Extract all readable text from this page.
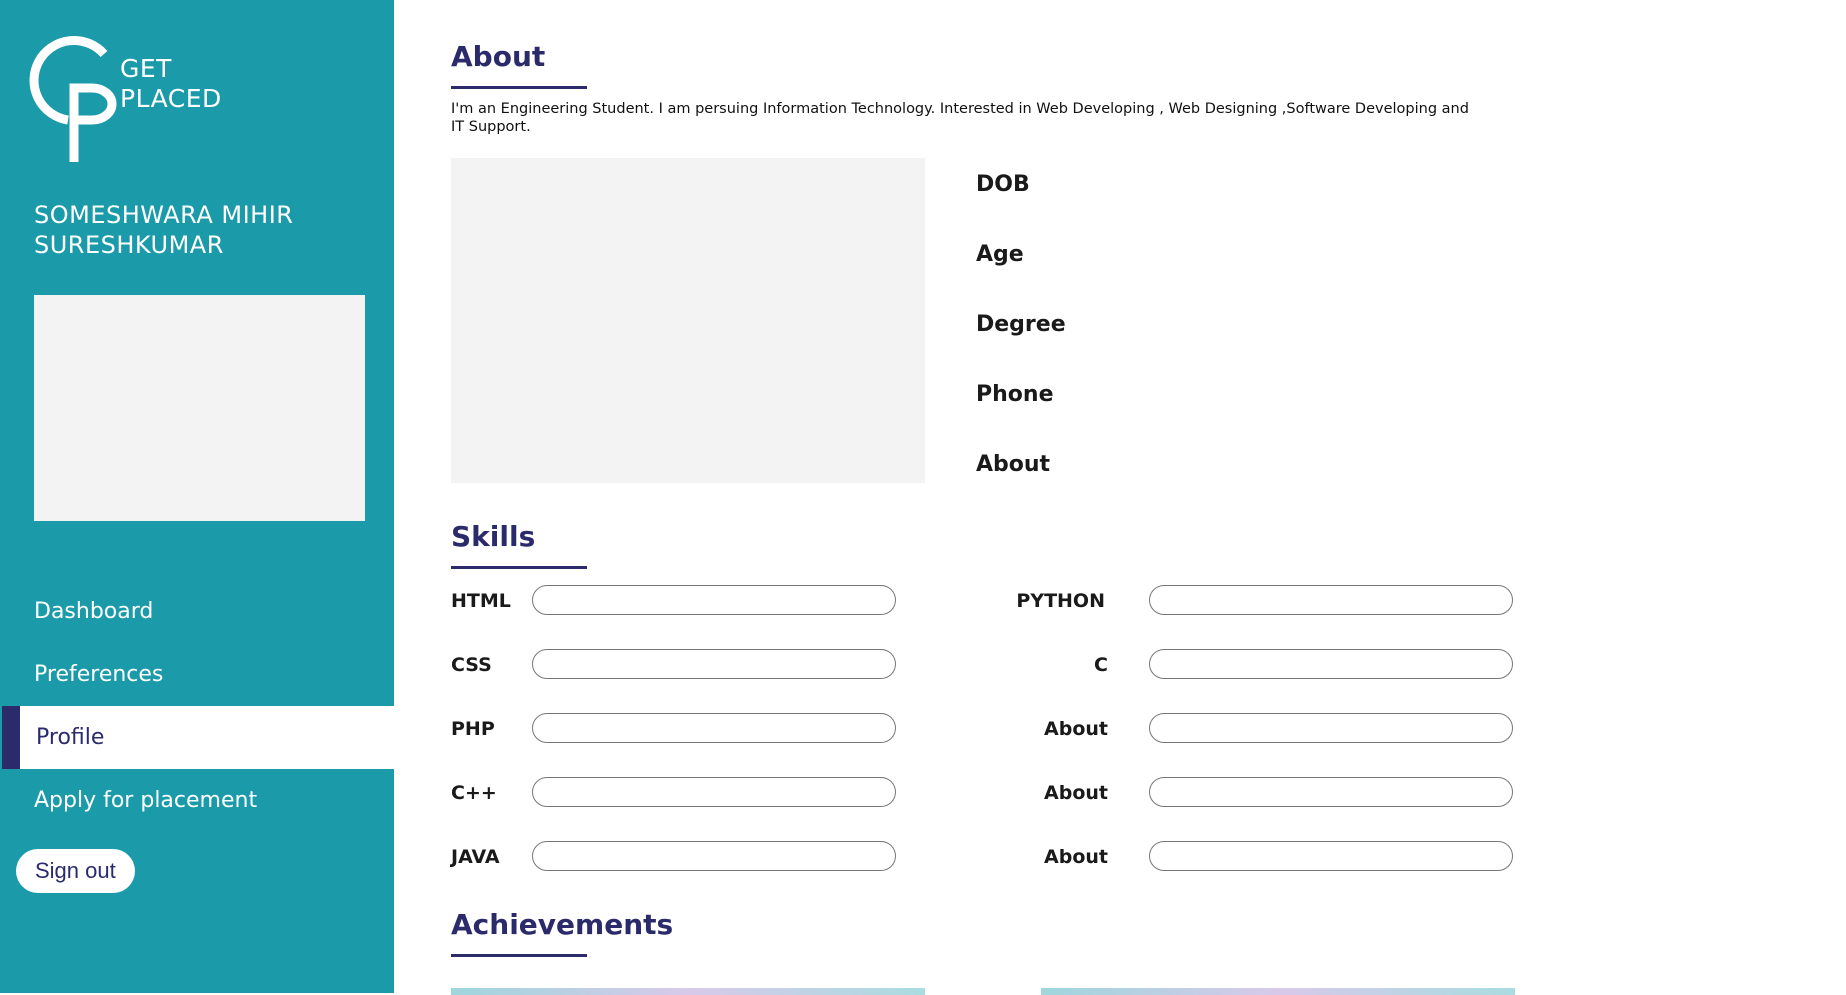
GET
PLACED
SOMESHWARA MIHIR SURESHKUMAR
Dashboard
Preferences
Profile
Apply for placement
Sign out
About
I'm an Engineering Student. I am persuing Information Technology. Interested in Web Developing , Web Designing ,Software Developing and IT Support.
DOB
Age
Degree
Phone
About
Skills
HTML
CSS
PHP
C++
JAVA
PYTHON
C
About
About
About
Achievements
